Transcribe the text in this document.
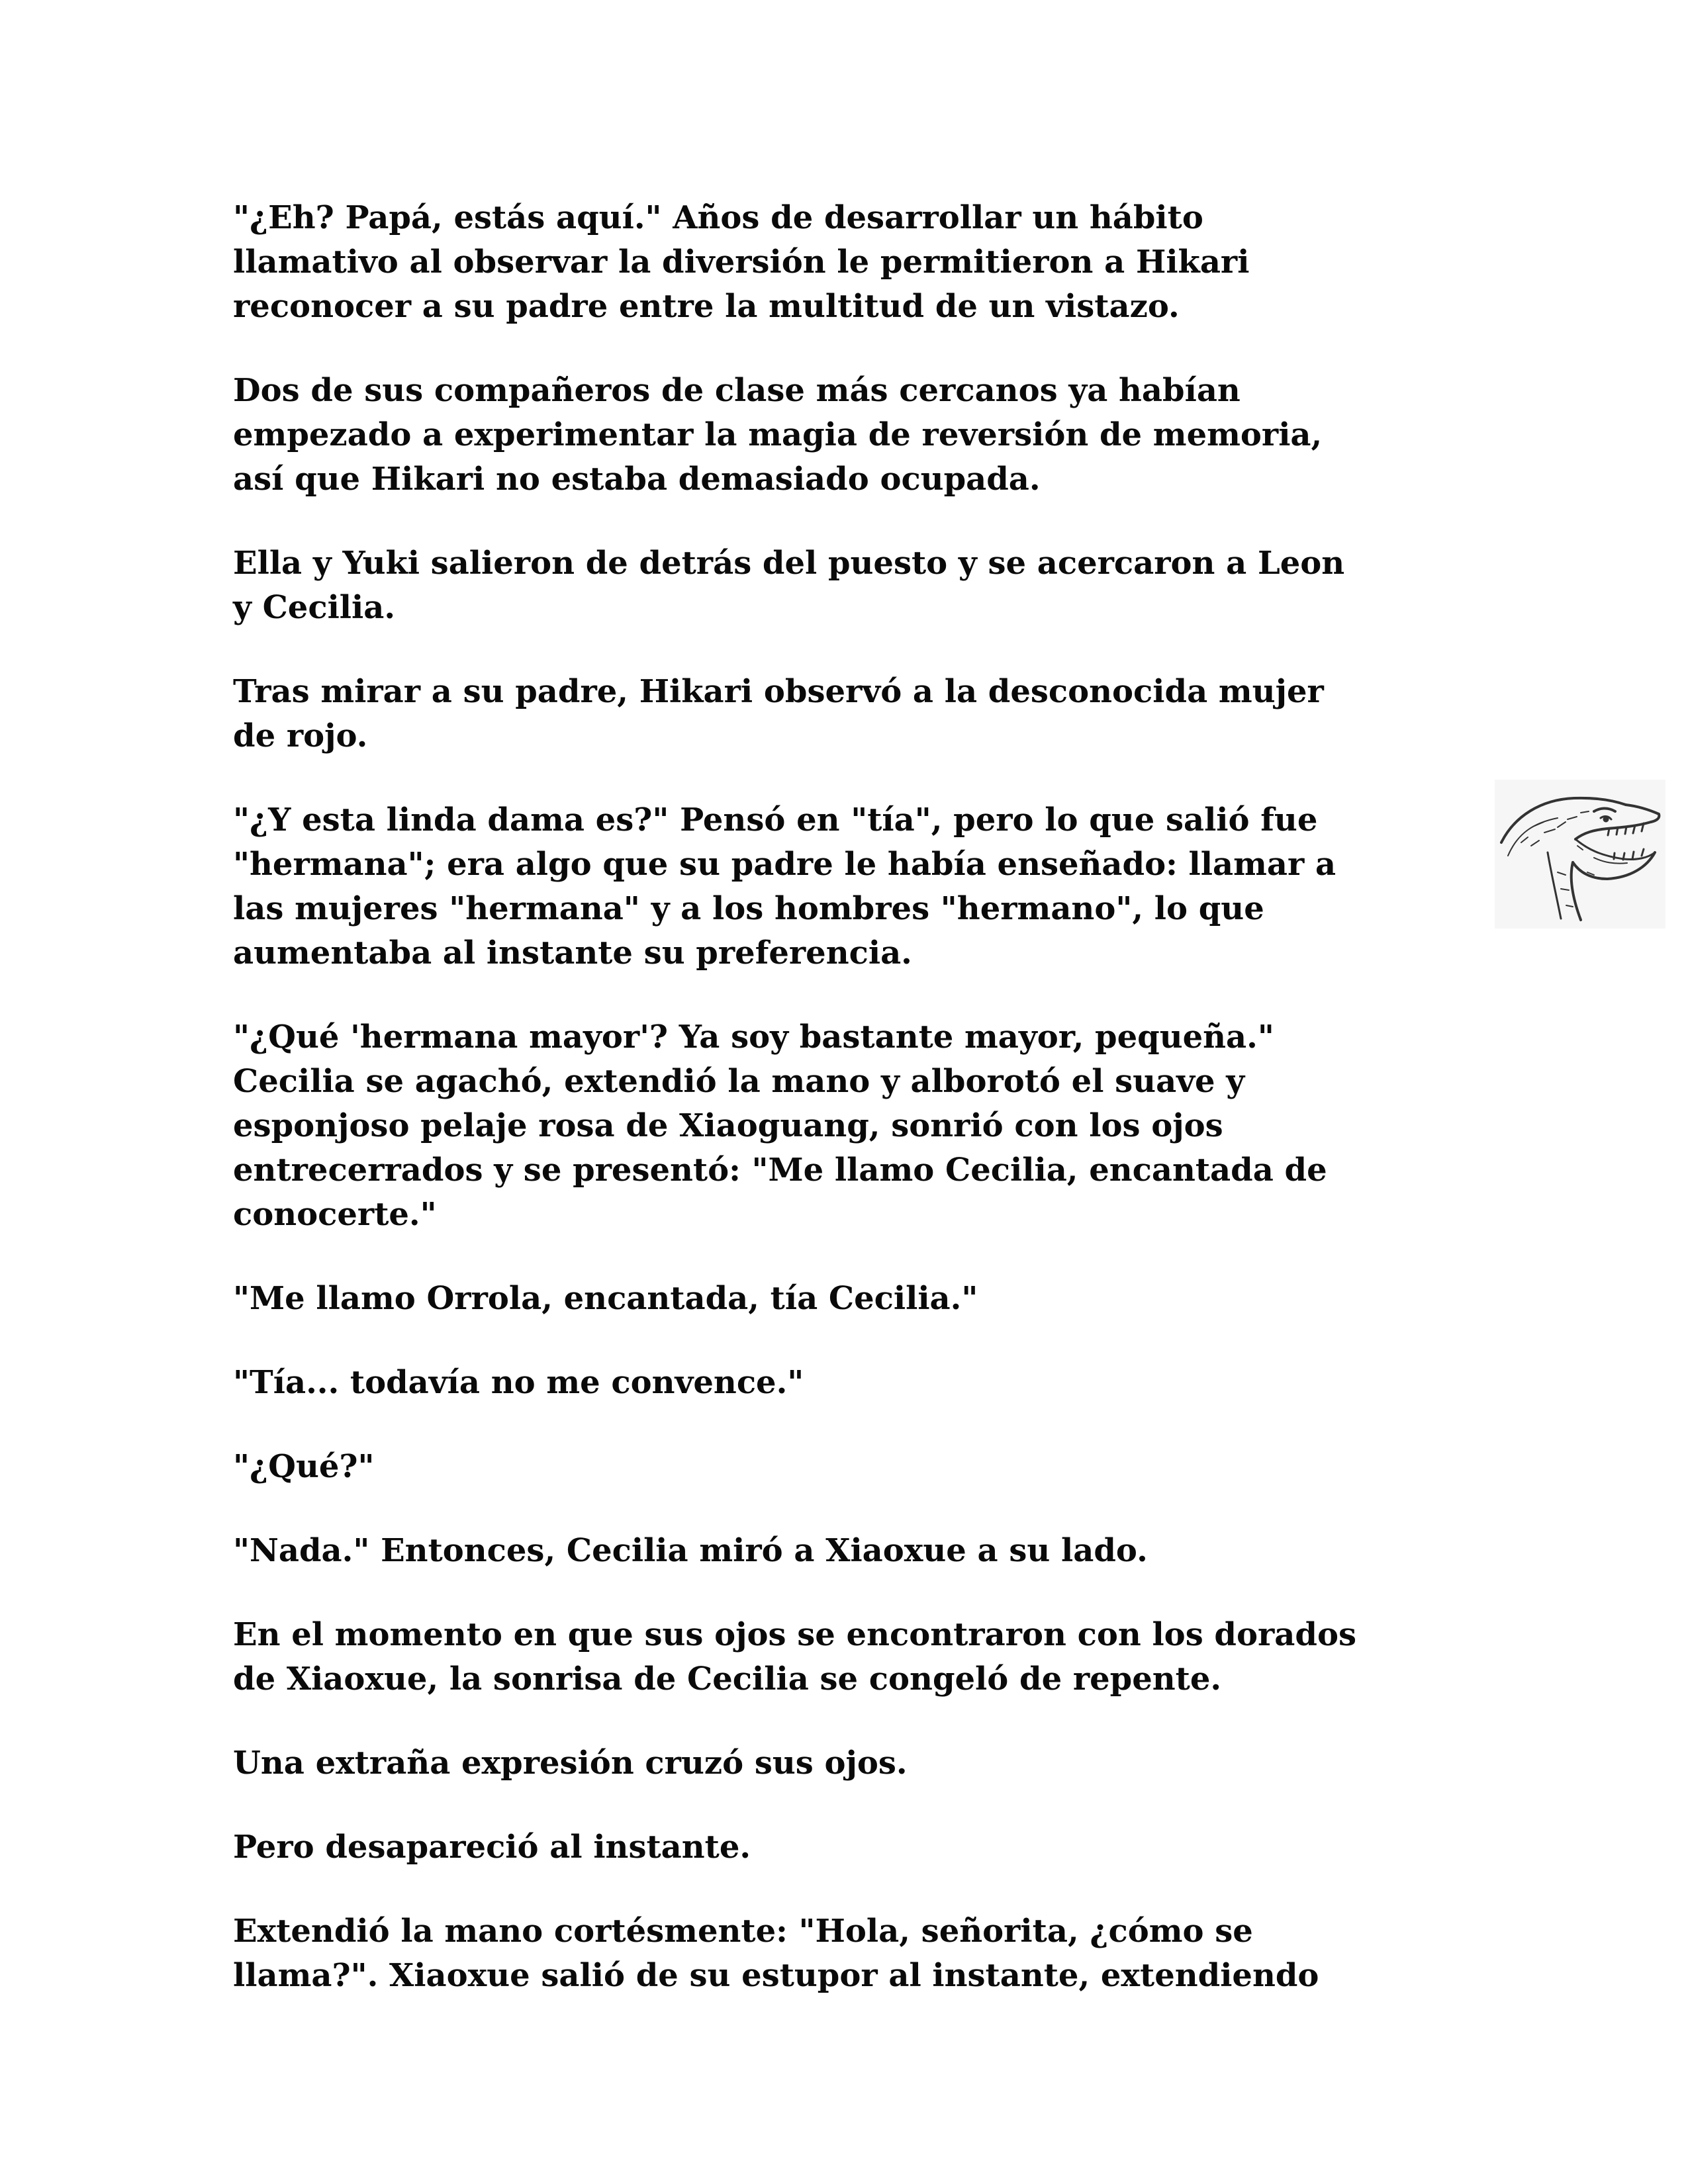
"¿Eh? Papá, estás aquí." Años de desarrollar un hábito
llamativo al observar la diversión le permitieron a Hikari
reconocer a su padre entre la multitud de un vistazo.

Dos de sus compañeros de clase más cercanos ya habían
empezado a experimentar la magia de reversión de memoria,
así que Hikari no estaba demasiado ocupada.

Ella y Yuki salieron de detrás del puesto y se acercaron a Leon
y Cecilia.

Tras mirar a su padre, Hikari observó a la desconocida mujer
de rojo.

"¿Y esta linda dama es?" Pensó en "tía", pero lo que salió fue
"hermana"; era algo que su padre le había enseñado: llamar a
las mujeres "hermana" y a los hombres "hermano", lo que
aumentaba al instante su preferencia.

"¿Qué 'hermana mayor'? Ya soy bastante mayor, pequeña."
Cecilia se agachó, extendió la mano y alborotó el suave y
esponjoso pelaje rosa de Xiaoguang, sonrió con los ojos
entrecerrados y se presentó: "Me llamo Cecilia, encantada de
conocerte."

"Me llamo Orrola, encantada, tía Cecilia."

"Tía... todavía no me convence."

"¿Qué?"

"Nada." Entonces, Cecilia miró a Xiaoxue a su lado.

En el momento en que sus ojos se encontraron con los dorados
de Xiaoxue, la sonrisa de Cecilia se congeló de repente.

Una extraña expresión cruzó sus ojos.

Pero desapareció al instante.

Extendió la mano cortésmente: "Hola, señorita, ¿cómo se
llama?". Xiaoxue salió de su estupor al instante, extendiendo
